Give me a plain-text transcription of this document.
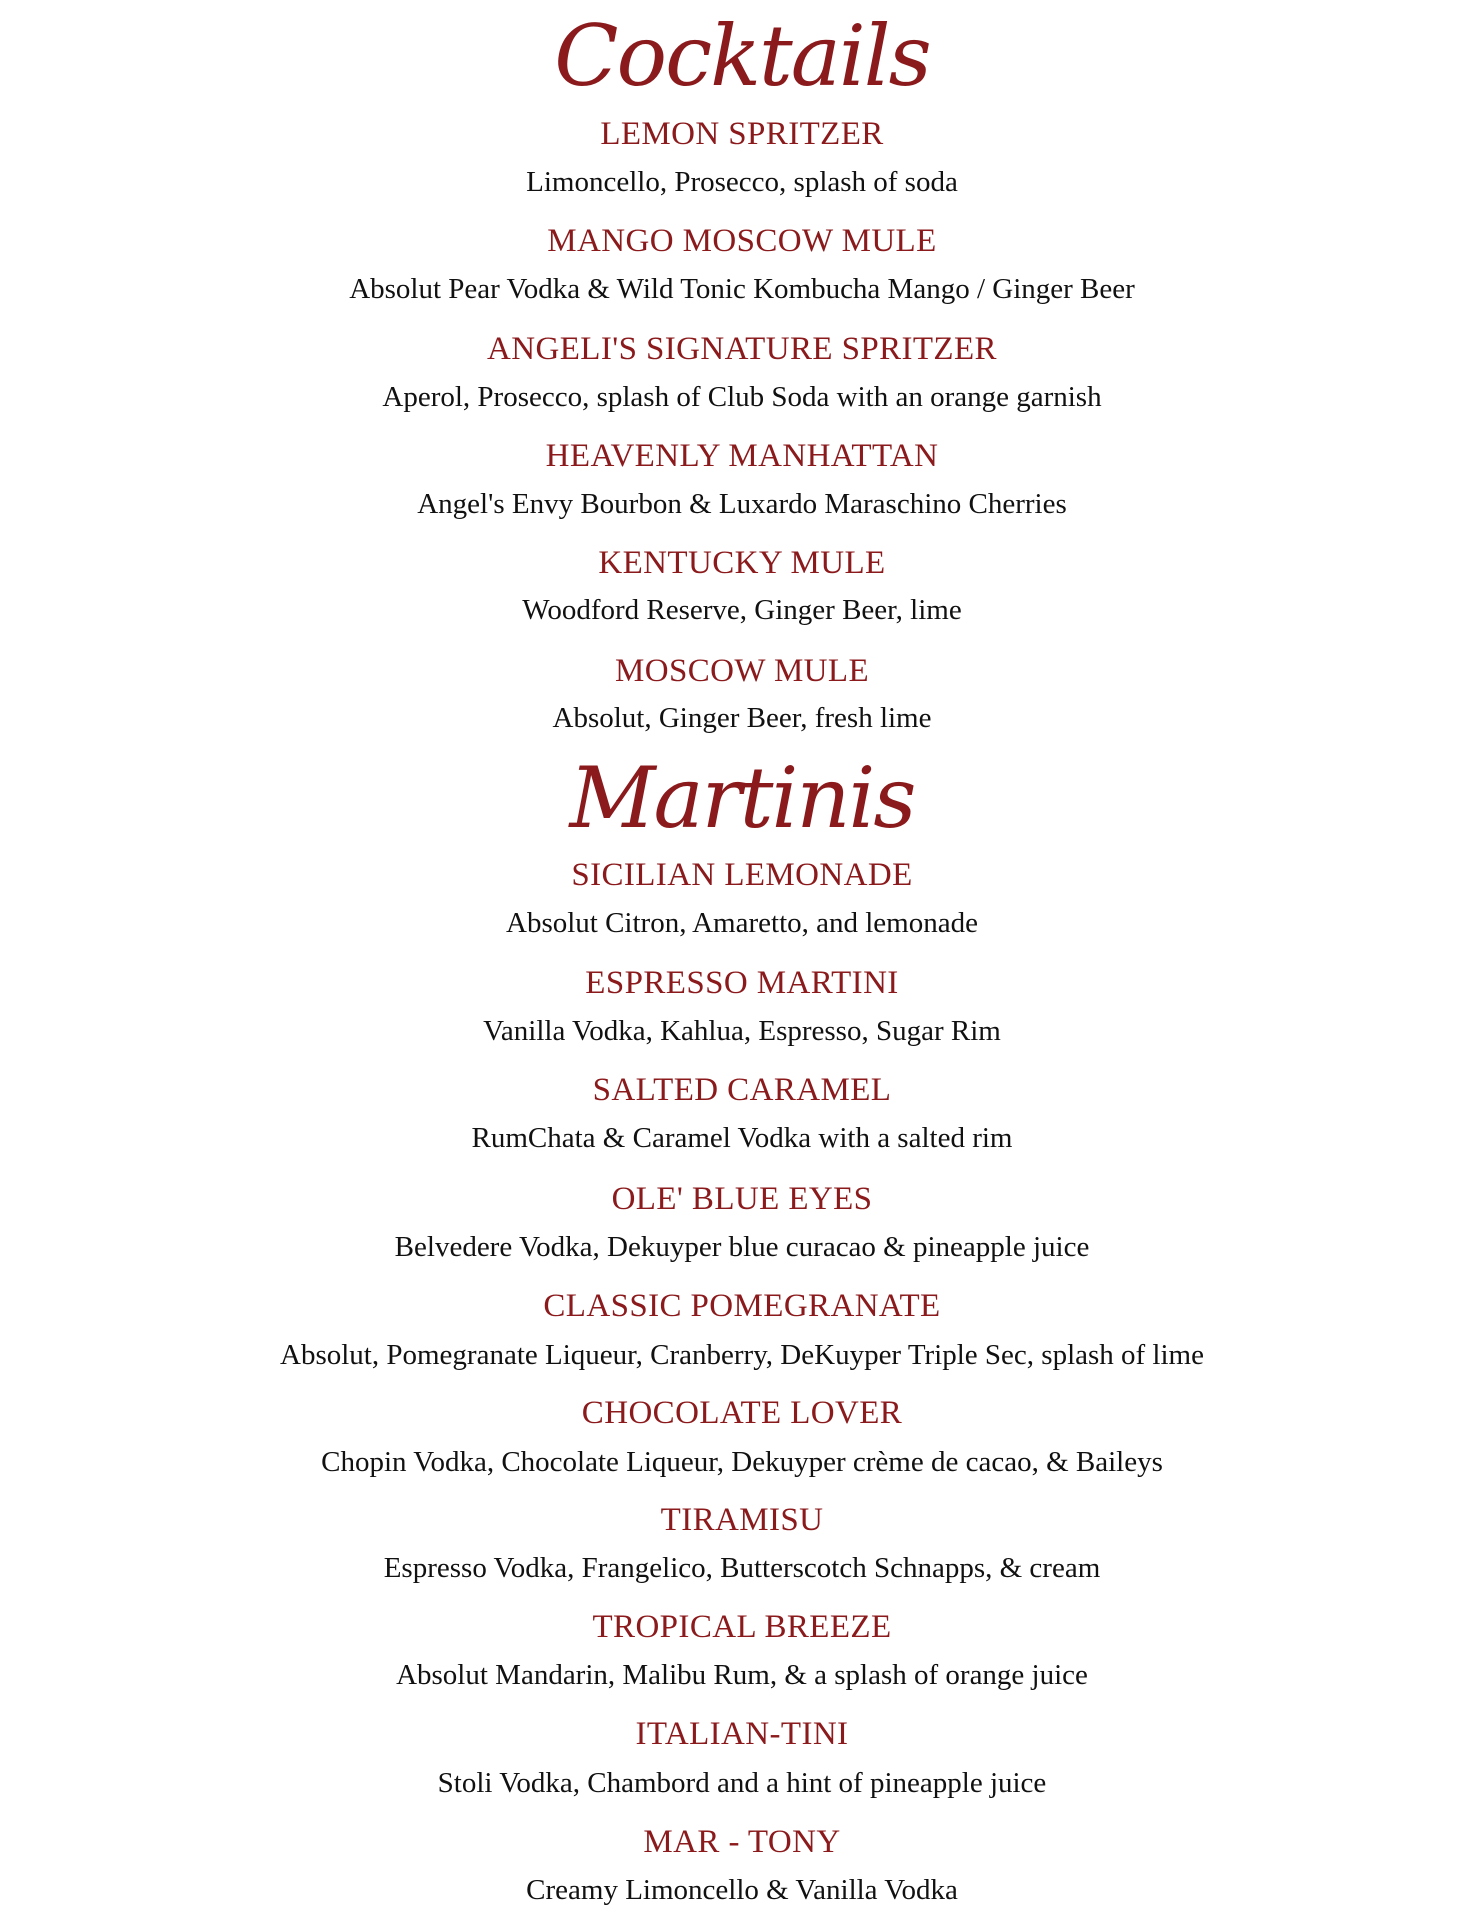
Cocktails
LEMON SPRITZER
Limoncello, Prosecco, splash of soda
MANGO MOSCOW MULE
Absolut Pear Vodka & Wild Tonic Kombucha Mango / Ginger Beer
ANGELI'S SIGNATURE SPRITZER
Aperol, Prosecco, splash of Club Soda with an orange garnish
HEAVENLY MANHATTAN
Angel's Envy Bourbon & Luxardo Maraschino Cherries
KENTUCKY MULE
Woodford Reserve, Ginger Beer, lime
MOSCOW MULE
Absolut, Ginger Beer, fresh lime
Martinis
SICILIAN LEMONADE
Absolut Citron, Amaretto, and lemonade
ESPRESSO MARTINI
Vanilla Vodka, Kahlua, Espresso, Sugar Rim
SALTED CARAMEL
RumChata & Caramel Vodka with a salted rim
OLE' BLUE EYES
Belvedere Vodka, Dekuyper blue curacao & pineapple juice
CLASSIC POMEGRANATE
Absolut, Pomegranate Liqueur, Cranberry, DeKuyper Triple Sec, splash of lime
CHOCOLATE LOVER
Chopin Vodka, Chocolate Liqueur, Dekuyper crème de cacao, & Baileys
TIRAMISU
Espresso Vodka, Frangelico, Butterscotch Schnapps, & cream
TROPICAL BREEZE
Absolut Mandarin, Malibu Rum, & a splash of orange juice
ITALIAN-TINI
Stoli Vodka, Chambord and a hint of pineapple juice
MAR - TONY
Creamy Limoncello & Vanilla Vodka
